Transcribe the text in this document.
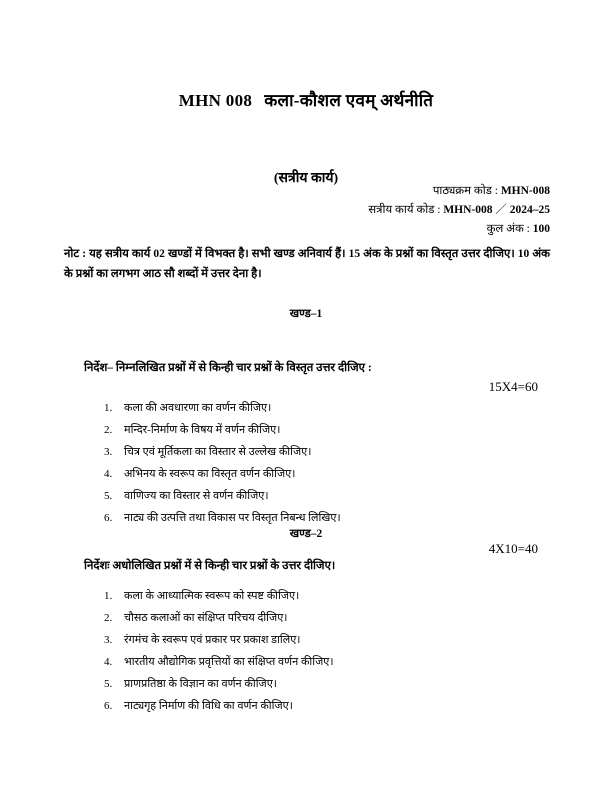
MHN 008 कला-कौशल एवम् अर्थनीति
(सत्रीय कार्य)
पाठ्यक्रम कोड : MHN-008
सत्रीय कार्य कोड : MHN-008 ／ 2024–25
कुल अंक : 100
नोट : यह सत्रीय कार्य 02 खण्डों में विभक्त है। सभी खण्ड अनिवार्य हैं। 15 अंक के प्रश्नों का विस्तृत उत्तर दीजिए। 10 अंक के प्रश्नों का लगभग आठ सौ शब्दों में उत्तर देना है।
खण्ड–1
निर्देश– निम्नलिखित प्रश्नों में से किन्ही चार प्रश्नों के विस्तृत उत्तर दीजिए :
15X4=60
1.	कला की अवधारणा का वर्णन कीजिए।
2.	मन्दिर-निर्माण के विषय में वर्णन कीजिए।
3.	चित्र एवं मूर्तिकला का विस्तार से उल्लेख कीजिए।
4.	अभिनय के स्वरूप का विस्तृत वर्णन कीजिए।
5.	वाणिज्य का विस्तार से वर्णन कीजिए।
6.	नाट्य की उत्पत्ति तथा विकास पर विस्तृत निबन्ध लिखिए।
खण्ड–2
निर्देशः अधोलिखित प्रश्नों में से किन्ही चार प्रश्नों के उत्तर दीजिए।
4X10=40
1.	कला के आध्यात्मिक स्वरूप को स्पष्ट कीजिए।
2.	चौसठ कलाओं का संक्षिप्त परिचय दीजिए।
3.	रंगमंच के स्वरूप एवं प्रकार पर प्रकाश डालिए।
4.	भारतीय औद्योगिक प्रवृत्तियों का संक्षिप्त वर्णन कीजिए।
5.	प्राणप्रतिष्ठा के विज्ञान का वर्णन कीजिए।
6.	नाट्यगृह निर्माण की विधि का वर्णन कीजिए।
